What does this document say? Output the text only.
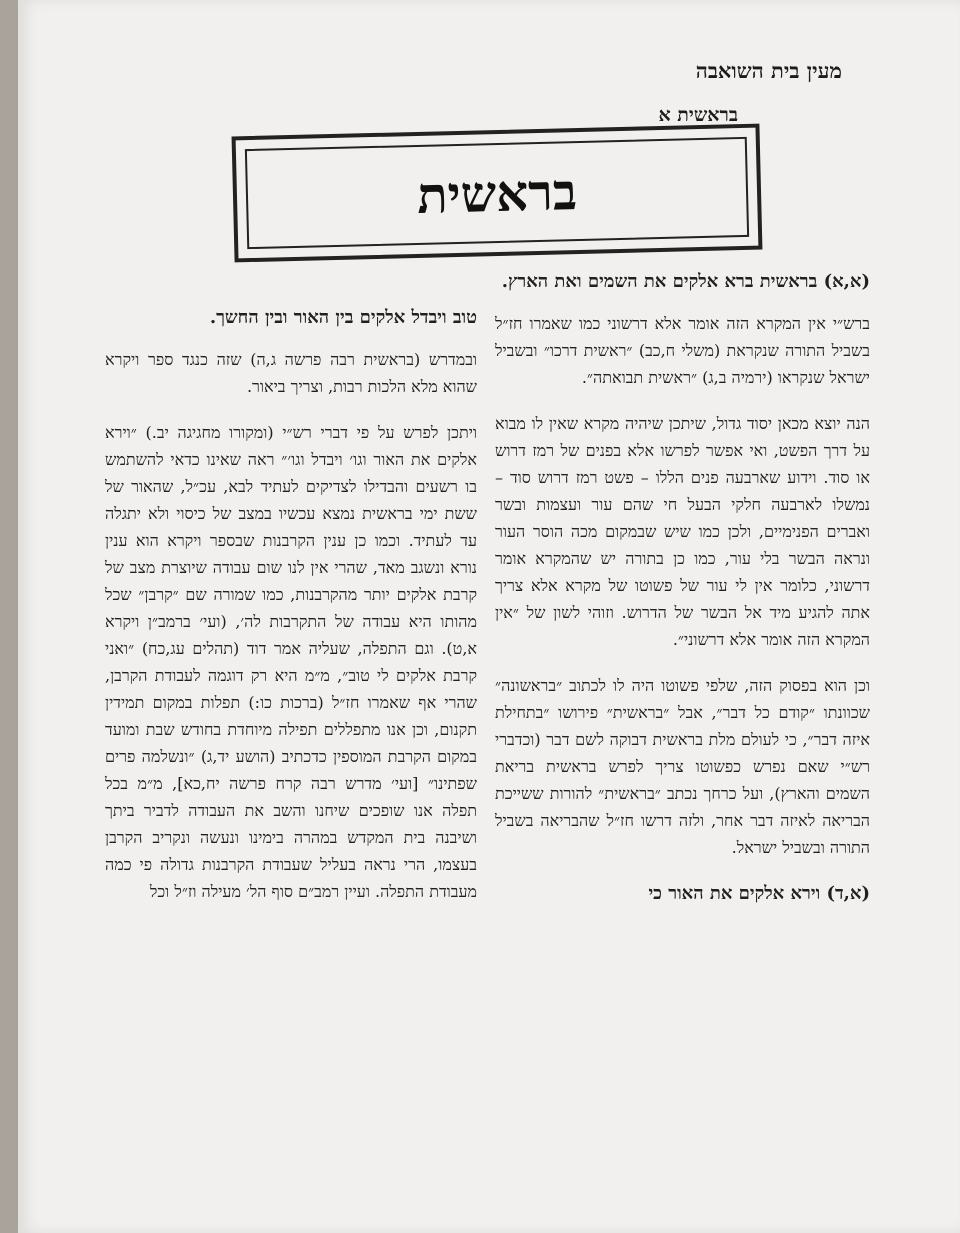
מעין בית השואבה
בראשית א
בראשית
(א,א) בראשית ברא אלקים את השמים ואת הארץ.

ברש״י אין המקרא הזה אומר אלא דרשוני כמו שאמרו חז״ל בשביל התורה שנקראת (משלי ח,כב) ״ראשית דרכו״ ובשביל ישראל שנקראו (ירמיה ב,ג) ״ראשית תבואתה״.

הנה יוצא מכאן יסוד גדול, שיתכן שיהיה מקרא שאין לו מבוא על דרך הפשט, ואי אפשר לפרשו אלא בפנים של רמז דרוש או סוד. וידוע שארבעה פנים הללו – פשט רמז דרוש סוד – נמשלו לארבעה חלקי הבעל חי שהם עור ועצמות ובשר ואברים הפנימיים, ולכן כמו שיש שבמקום מכה הוסר העור ונראה הבשר בלי עור, כמו כן בתורה יש שהמקרא אומר דרשוני, כלומר אין לי עור של פשוטו של מקרא אלא צריך אתה להגיע מיד אל הבשר של הדרוש. וזוהי לשון של ״אין המקרא הזה אומר אלא דרשוני״.

וכן הוא בפסוק הזה, שלפי פשוטו היה לו לכתוב ״בראשונה״ שכוונתו ״קודם כל דבר״, אבל ״בראשית״ פירושו ״בתחילת איזה דבר״, כי לעולם מלת בראשית דבוקה לשם דבר (וכדברי רש״י שאם נפרש כפשוטו צריך לפרש בראשית בריאת השמים והארץ), ועל כרחך נכתב ״בראשית״ להורות ששייכת הבריאה לאיזה דבר אחר, ולזה דרשו חז״ל שהבריאה בשביל התורה ובשביל ישראל.

(א,ד) וירא אלקים את האור כי
טוב ויבדל אלקים בין האור ובין החשך.

ובמדרש (בראשית רבה פרשה ג,ה) שזה כנגד ספר ויקרא שהוא מלא הלכות רבות, וצריך ביאור.

ויתכן לפרש על פי דברי רש״י (ומקורו מחגיגה יב.) ״וירא אלקים את האור וגו׳ ויבדל וגו׳״ ראה שאינו כדאי להשתמש בו רשעים והבדילו לצדיקים לעתיד לבא, עכ״ל, שהאור של ששת ימי בראשית נמצא עכשיו במצב של כיסוי ולא יתגלה עד לעתיד. וכמו כן ענין הקרבנות שבספר ויקרא הוא ענין נורא ונשגב מאד, שהרי אין לנו שום עבודה שיוצרת מצב של קרבת אלקים יותר מהקרבנות, כמו שמורה שם ״קרבן״ שכל מהותו היא עבודה של התקרבות לה׳, (ועי׳ ברמב״ן ויקרא א,ט). וגם התפלה, שעליה אמר דוד (תהלים עג,כח) ״ואני קרבת אלקים לי טוב״, מ״מ היא רק דוגמה לעבודת הקרבן, שהרי אף שאמרו חז״ל (ברכות כו:) תפלות במקום תמידין תקנום, וכן אנו מתפללים תפילה מיוחדת בחודש שבת ומועד במקום הקרבת המוספין כדכתיב (הושע יד,ג) ״ונשלמה פרים שפתינו״ [ועי׳ מדרש רבה קרח פרשה יח,כא], מ״מ בכל תפלה אנו שופכים שיחנו והשב את העבודה לדביר ביתך ושיבנה בית המקדש במהרה בימינו ונעשה ונקריב הקרבן בעצמו, הרי נראה בעליל שעבודת הקרבנות גדולה פי כמה מעבודת התפלה. ועיין רמב״ם סוף הל׳ מעילה וז״ל וכל
